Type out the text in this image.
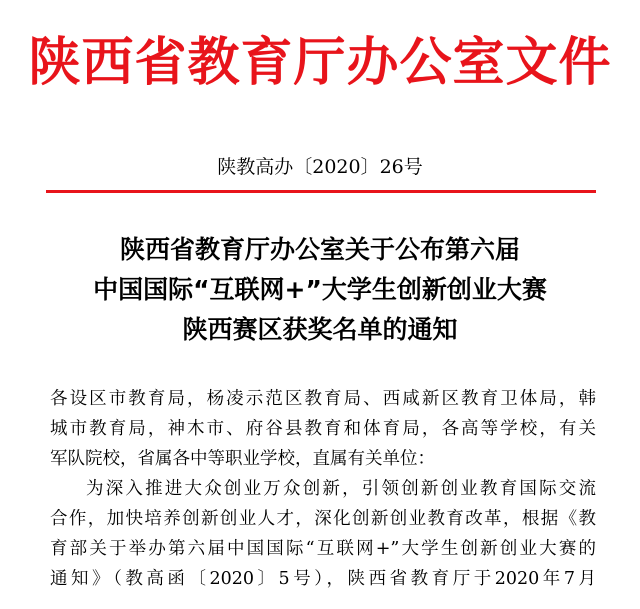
陕西省教育厅办公室文件
陕教高办〔2020〕26号
陕西省教育厅办公室关于公布第六届
中国国际“互联网+”大学生创新创业大赛
陕西赛区获奖名单的通知
各设区市教育局，杨凌示范区教育局、西咸新区教育卫体局，韩
城市教育局，神木市、府谷县教育和体育局，各高等学校，有关
军队院校，省属各中等职业学校，直属有关单位：
为深入推进大众创业万众创新，引领创新创业教育国际交流
合作，加快培养创新创业人才，深化创新创业教育改革，根据《教
育部关于举办第六届中国国际“互联网+”大学生创新创业大赛的
通知》（教高函〔2020〕5号），陕西省教育厅于2020年7月
